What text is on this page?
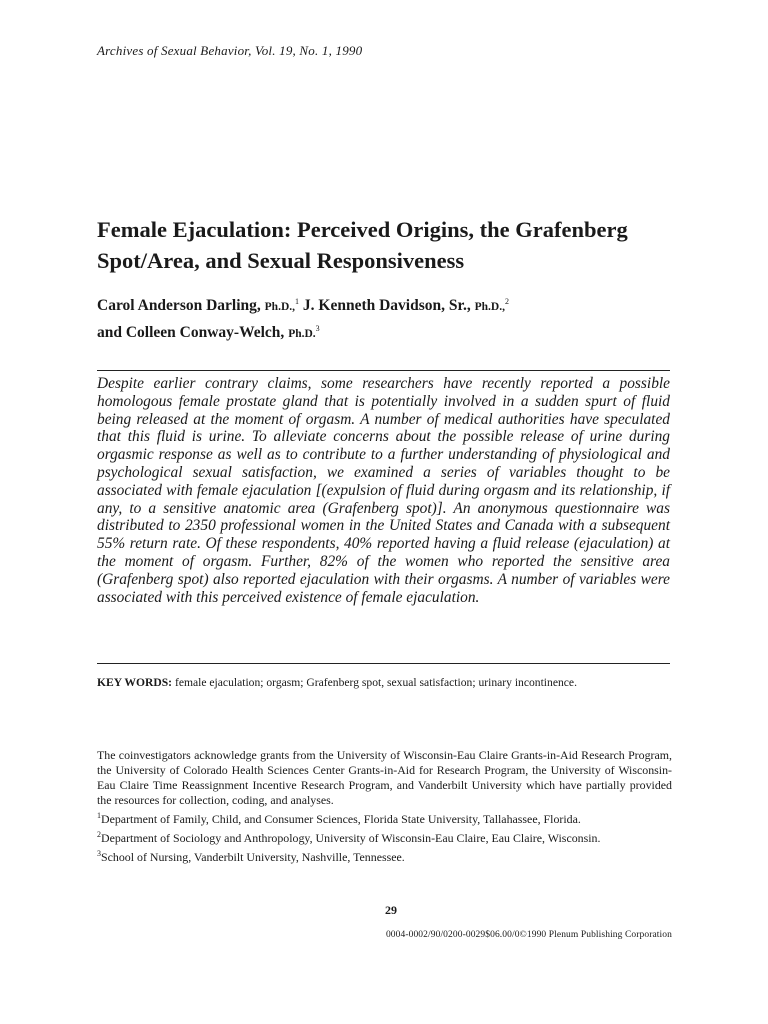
Archives of Sexual Behavior, Vol. 19, No. 1, 1990
Female Ejaculation: Perceived Origins, the Grafenberg Spot/Area, and Sexual Responsiveness
Carol Anderson Darling, Ph.D.,$^1$ J. Kenneth Davidson, Sr., Ph.D.,$^2$
and Colleen Conway-Welch, Ph.D.$^3$

Despite earlier contrary claims, some researchers have recently reported a possible homologous female prostate gland that is potentially involved in a sudden spurt of fluid being released at the moment of orgasm. A number of medical authorities have speculated that this fluid is urine. To alleviate concerns about the possible release of urine during orgasmic response as well as to contribute to a further understanding of physiological and psychological sexual satisfaction, we examined a series of variables thought to be associated with female ejaculation [(expulsion of fluid during orgasm and its relationship, if any, to a sensitive anatomic area (Grafenberg spot)]. An anonymous questionnaire was distributed to 2350 professional women in the United States and Canada with a subsequent 55% return rate. Of these respondents, 40% reported having a fluid release (ejaculation) at the moment of orgasm. Further, 82% of the women who reported the sensitive area (Grafenberg spot) also reported ejaculation with their orgasms. A number of variables were associated with this perceived existence of female ejaculation.

KEY WORDS: female ejaculation; orgasm; Grafenberg spot, sexual satisfaction; urinary incontinence.

The coinvestigators acknowledge grants from the University of Wisconsin-Eau Claire Grants-in-Aid Research Program, the University of Colorado Health Sciences Center Grants-in-Aid for Research Program, the University of Wisconsin-Eau Claire Time Reassignment Incentive Research Program, and Vanderbilt University which have partially provided the resources for collection, coding, and analyses.

$^1$Department of Family, Child, and Consumer Sciences, Florida State University, Tallahassee, Florida.

$^2$Department of Sociology and Anthropology, University of Wisconsin-Eau Claire, Eau Claire, Wisconsin.

$^3$School of Nursing, Vanderbilt University, Nashville, Tennessee.

29
0004-0002/90/0200-0029$06.00/0©1990 Plenum Publishing Corporation
